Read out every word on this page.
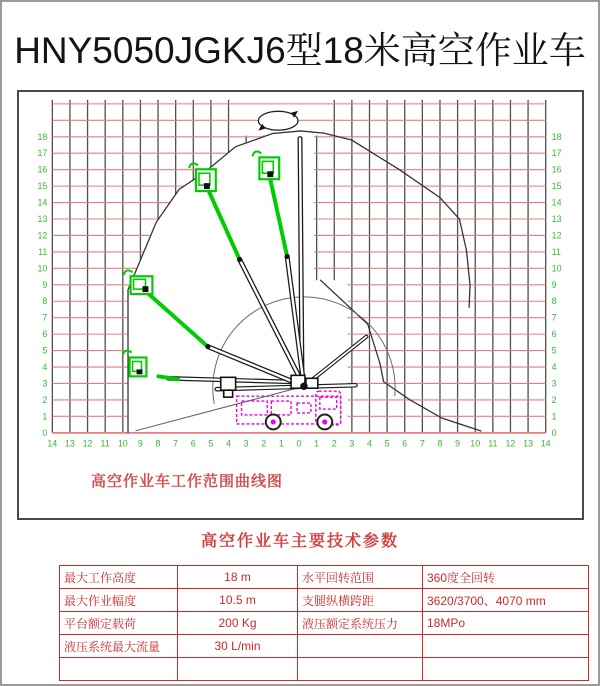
HNY5050JGKJ6型18米高空作业车
0
1
2
3
4
5
6
7
8
9
10
11
12
13
14
15
16
17
18
0
1
2
3
4
5
6
7
8
9
10
11
12
13
14
15
16
17
18
14 13 12 11 10 9 8 7 6 5 4 3 2 1 0 1 2 3 4 5 6 7 8 9 10 11 12 13 14
高空作业车工作范围曲线图
高空作业车主要技术参数
最大工作高度	18 m	水平回转范围	360度全回转
最大作业幅度	10.5 m	支腿纵横跨距	3620/3700、4070 mm
平台额定载荷	200 Kg	液压额定系统压力	18MPo
液压系统最大流量	30 L/min		
